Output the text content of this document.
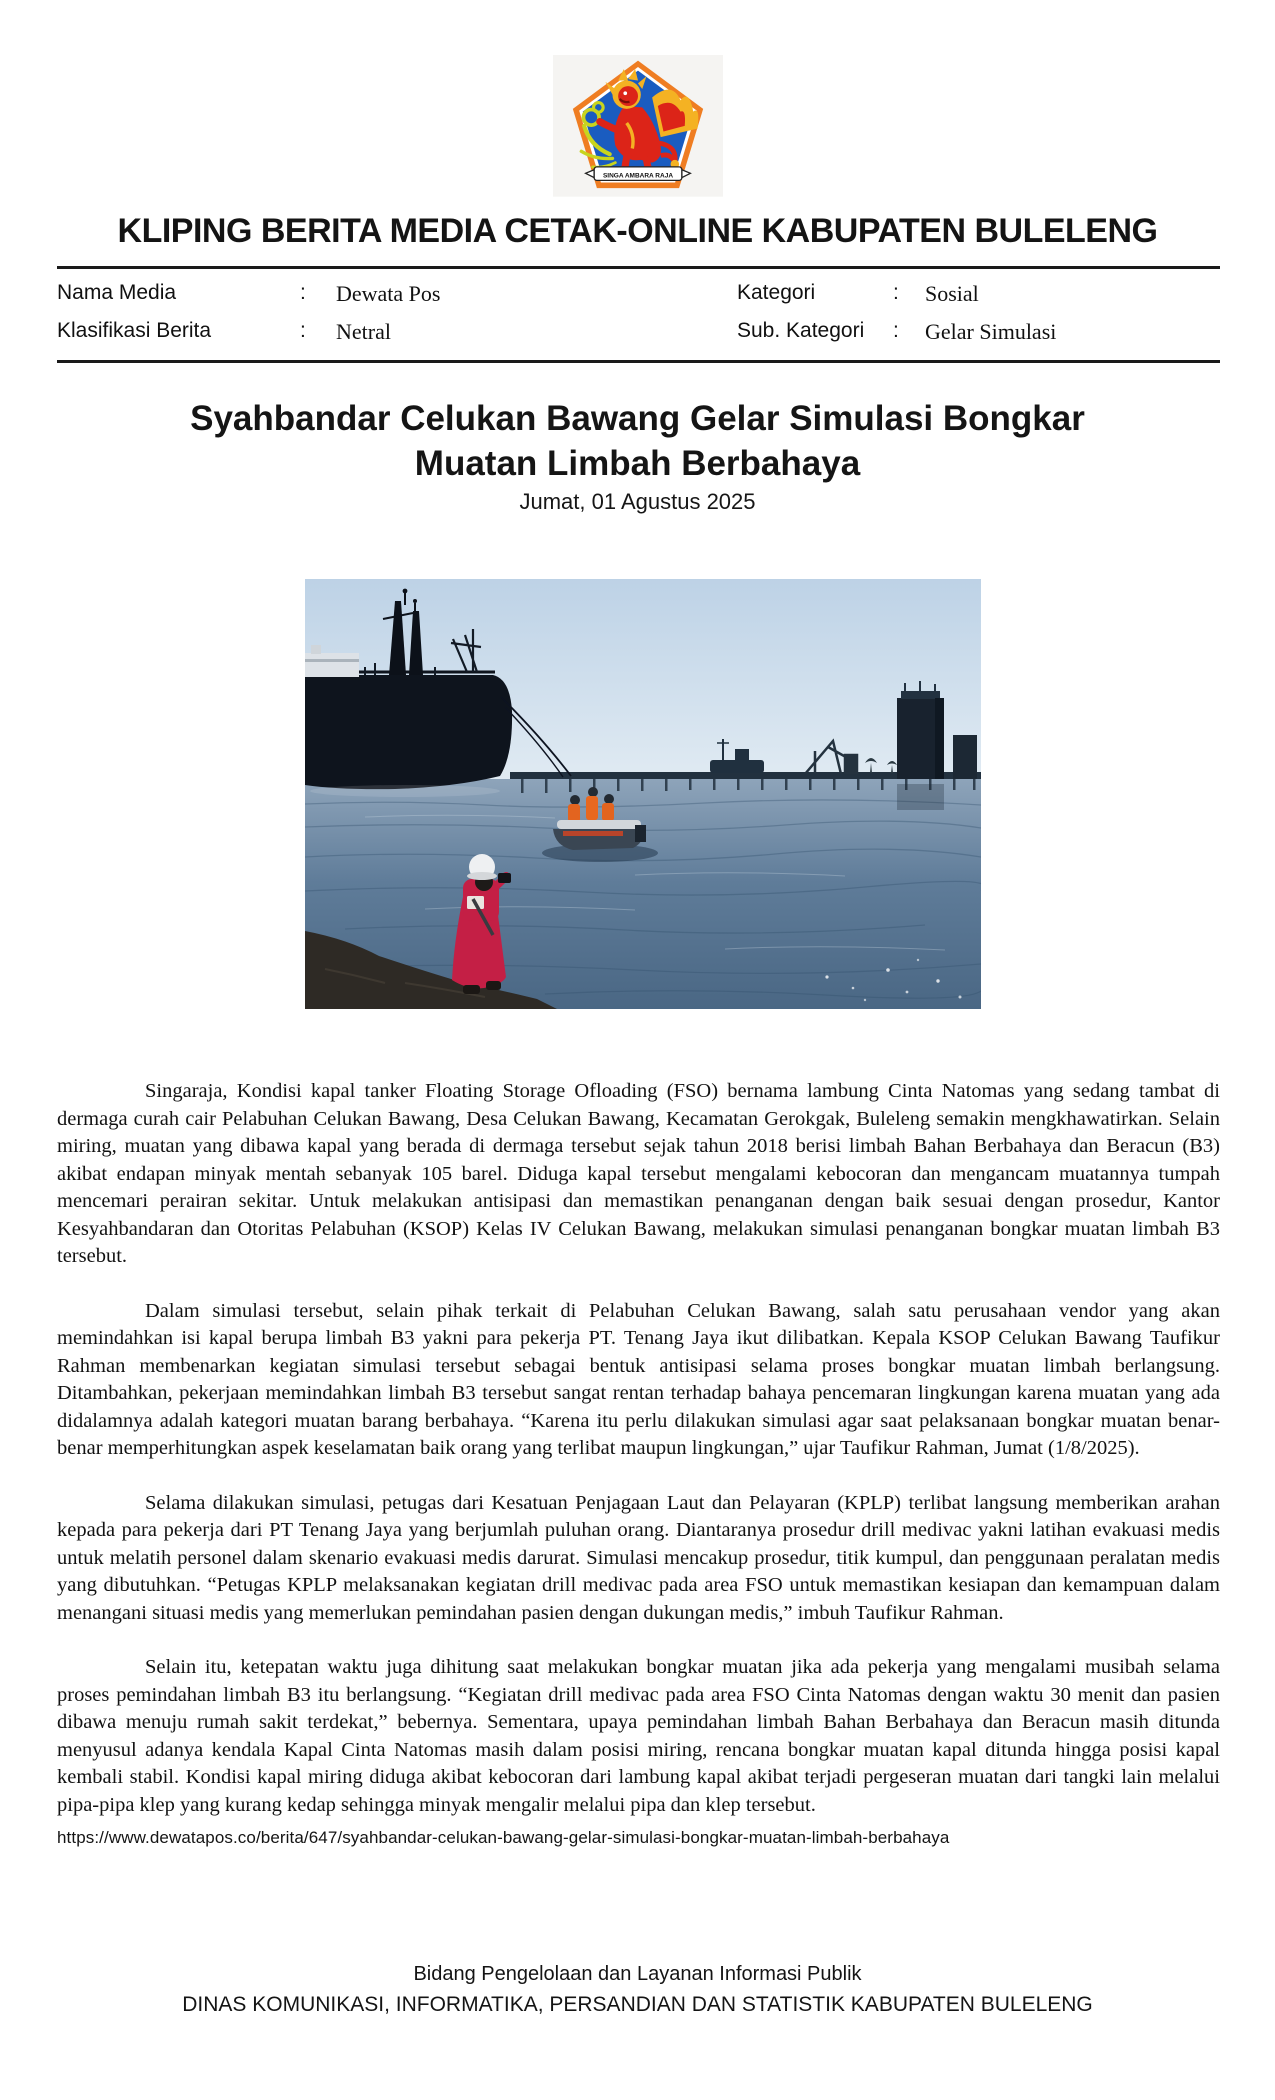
SINGA AMBARA RAJA
KLIPING BERITA MEDIA CETAK-ONLINE KABUPATEN BULELENG
Nama Media	: Dewata Pos	Kategori	: Sosial
Klasifikasi Berita	: Netral	Sub. Kategori : Gelar Simulasi
Syahbandar Celukan Bawang Gelar Simulasi Bongkar Muatan Limbah Berbahaya
Jumat, 01 Agustus 2025

Singaraja, Kondisi kapal tanker Floating Storage Ofloading (FSO) bernama lambung Cinta Natomas yang sedang tambat di dermaga curah cair Pelabuhan Celukan Bawang, Desa Celukan Bawang, Kecamatan Gerokgak, Buleleng semakin mengkhawatirkan. Selain miring, muatan yang dibawa kapal yang berada di dermaga tersebut sejak tahun 2018 berisi limbah Bahan Berbahaya dan Beracun (B3) akibat endapan minyak mentah sebanyak 105 barel. Diduga kapal tersebut mengalami kebocoran dan mengancam muatannya tumpah mencemari perairan sekitar. Untuk melakukan antisipasi dan memastikan penanganan dengan baik sesuai dengan prosedur, Kantor Kesyahbandaran dan Otoritas Pelabuhan (KSOP) Kelas IV Celukan Bawang, melakukan simulasi penanganan bongkar muatan limbah B3 tersebut.

Dalam simulasi tersebut, selain pihak terkait di Pelabuhan Celukan Bawang, salah satu perusahaan vendor yang akan memindahkan isi kapal berupa limbah B3 yakni para pekerja PT. Tenang Jaya ikut dilibatkan. Kepala KSOP Celukan Bawang Taufikur Rahman membenarkan kegiatan simulasi tersebut sebagai bentuk antisipasi selama proses bongkar muatan limbah berlangsung. Ditambahkan, pekerjaan memindahkan limbah B3 tersebut sangat rentan terhadap bahaya pencemaran lingkungan karena muatan yang ada didalamnya adalah kategori muatan barang berbahaya. “Karena itu perlu dilakukan simulasi agar saat pelaksanaan bongkar muatan benar-benar memperhitungkan aspek keselamatan baik orang yang terlibat maupun lingkungan,” ujar Taufikur Rahman, Jumat (1/8/2025).

Selama dilakukan simulasi, petugas dari Kesatuan Penjagaan Laut dan Pelayaran (KPLP) terlibat langsung memberikan arahan kepada para pekerja dari PT Tenang Jaya yang berjumlah puluhan orang. Diantaranya prosedur drill medivac yakni latihan evakuasi medis untuk melatih personel dalam skenario evakuasi medis darurat. Simulasi mencakup prosedur, titik kumpul, dan penggunaan peralatan medis yang dibutuhkan. “Petugas KPLP melaksanakan kegiatan drill medivac pada area FSO untuk memastikan kesiapan dan kemampuan dalam menangani situasi medis yang memerlukan pemindahan pasien dengan dukungan medis,” imbuh Taufikur Rahman.

Selain itu, ketepatan waktu juga dihitung saat melakukan bongkar muatan jika ada pekerja yang mengalami musibah selama proses pemindahan limbah B3 itu berlangsung. “Kegiatan drill medivac pada area FSO Cinta Natomas dengan waktu 30 menit dan pasien dibawa menuju rumah sakit terdekat,” bebernya. Sementara, upaya pemindahan limbah Bahan Berbahaya dan Beracun masih ditunda menyusul adanya kendala Kapal Cinta Natomas masih dalam posisi miring, rencana bongkar muatan kapal ditunda hingga posisi kapal kembali stabil. Kondisi kapal miring diduga akibat kebocoran dari lambung kapal akibat terjadi pergeseran muatan dari tangki lain melalui pipa-pipa klep yang kurang kedap sehingga minyak mengalir melalui pipa dan klep tersebut.

https://www.dewatapos.co/berita/647/syahbandar-celukan-bawang-gelar-simulasi-bongkar-muatan-limbah-berbahaya
Bidang Pengelolaan dan Layanan Informasi Publik
DINAS KOMUNIKASI, INFORMATIKA, PERSANDIAN DAN STATISTIK KABUPATEN BULELENG
